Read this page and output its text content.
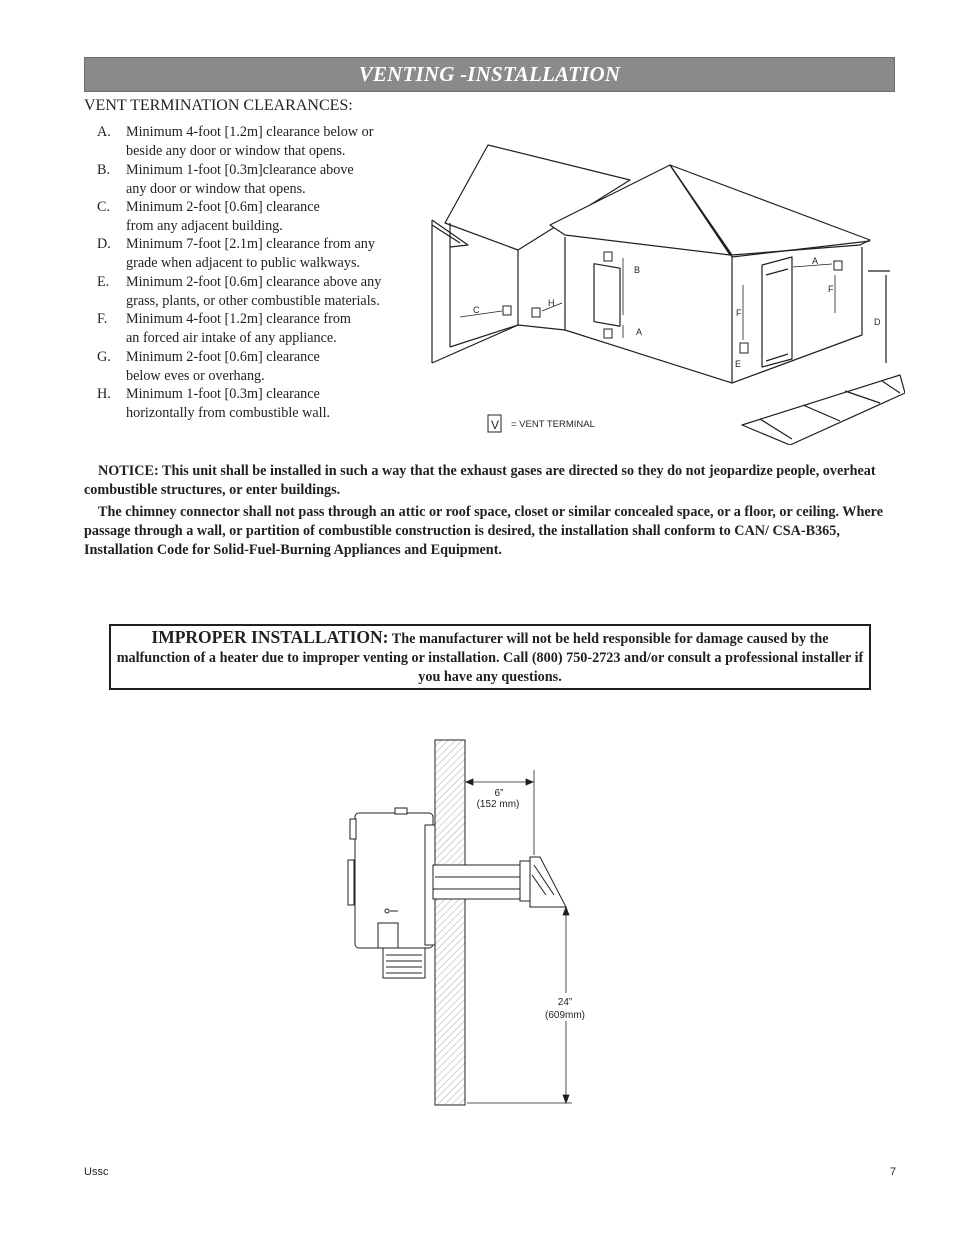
VENTING -INSTALLATION
VENT TERMINATION CLEARANCES:
A. Minimum 4-foot [1.2m] clearance below or
beside any door or window that opens.
B. Minimum 1-foot [0.3m]clearance above
any door or window that opens.
C. Minimum 2-foot [0.6m] clearance
from any adjacent building.
D. Minimum 7-foot [2.1m] clearance from any
grade when adjacent to public walkways.
E. Minimum 2-foot [0.6m] clearance above any
grass, plants, or other combustible materials.
F. Minimum 4-foot [1.2m] clearance from
an forced air intake of any appliance.
G. Minimum 2-foot [0.6m] clearance
below eves or overhang.
H. Minimum 1-foot [0.3m] clearance
horizontally from combustible wall.
B
A
C
H
F
E
A
F
D
V = VENT TERMINAL
NOTICE: This unit shall be installed in such a way that the exhaust gases are directed so they do not jeopardize people, overheat combustible structures, or enter buildings.
The chimney connector shall not pass through an attic or roof space, closet or similar concealed space, or a floor, or ceiling. Where passage through a wall, or partition of combustible construction is desired, the installation shall conform to CAN/ CSA-B365, Installation Code for Solid-Fuel-Burning Appliances and Equipment.
IMPROPER INSTALLATION: The manufacturer will not be held responsible for damage caused by the malfunction of a heater due to improper venting or installation. Call (800) 750-2723 and/or consult a professional installer if you have any questions.
6”
(152 mm)
24”
(609mm)
Ussc	7
